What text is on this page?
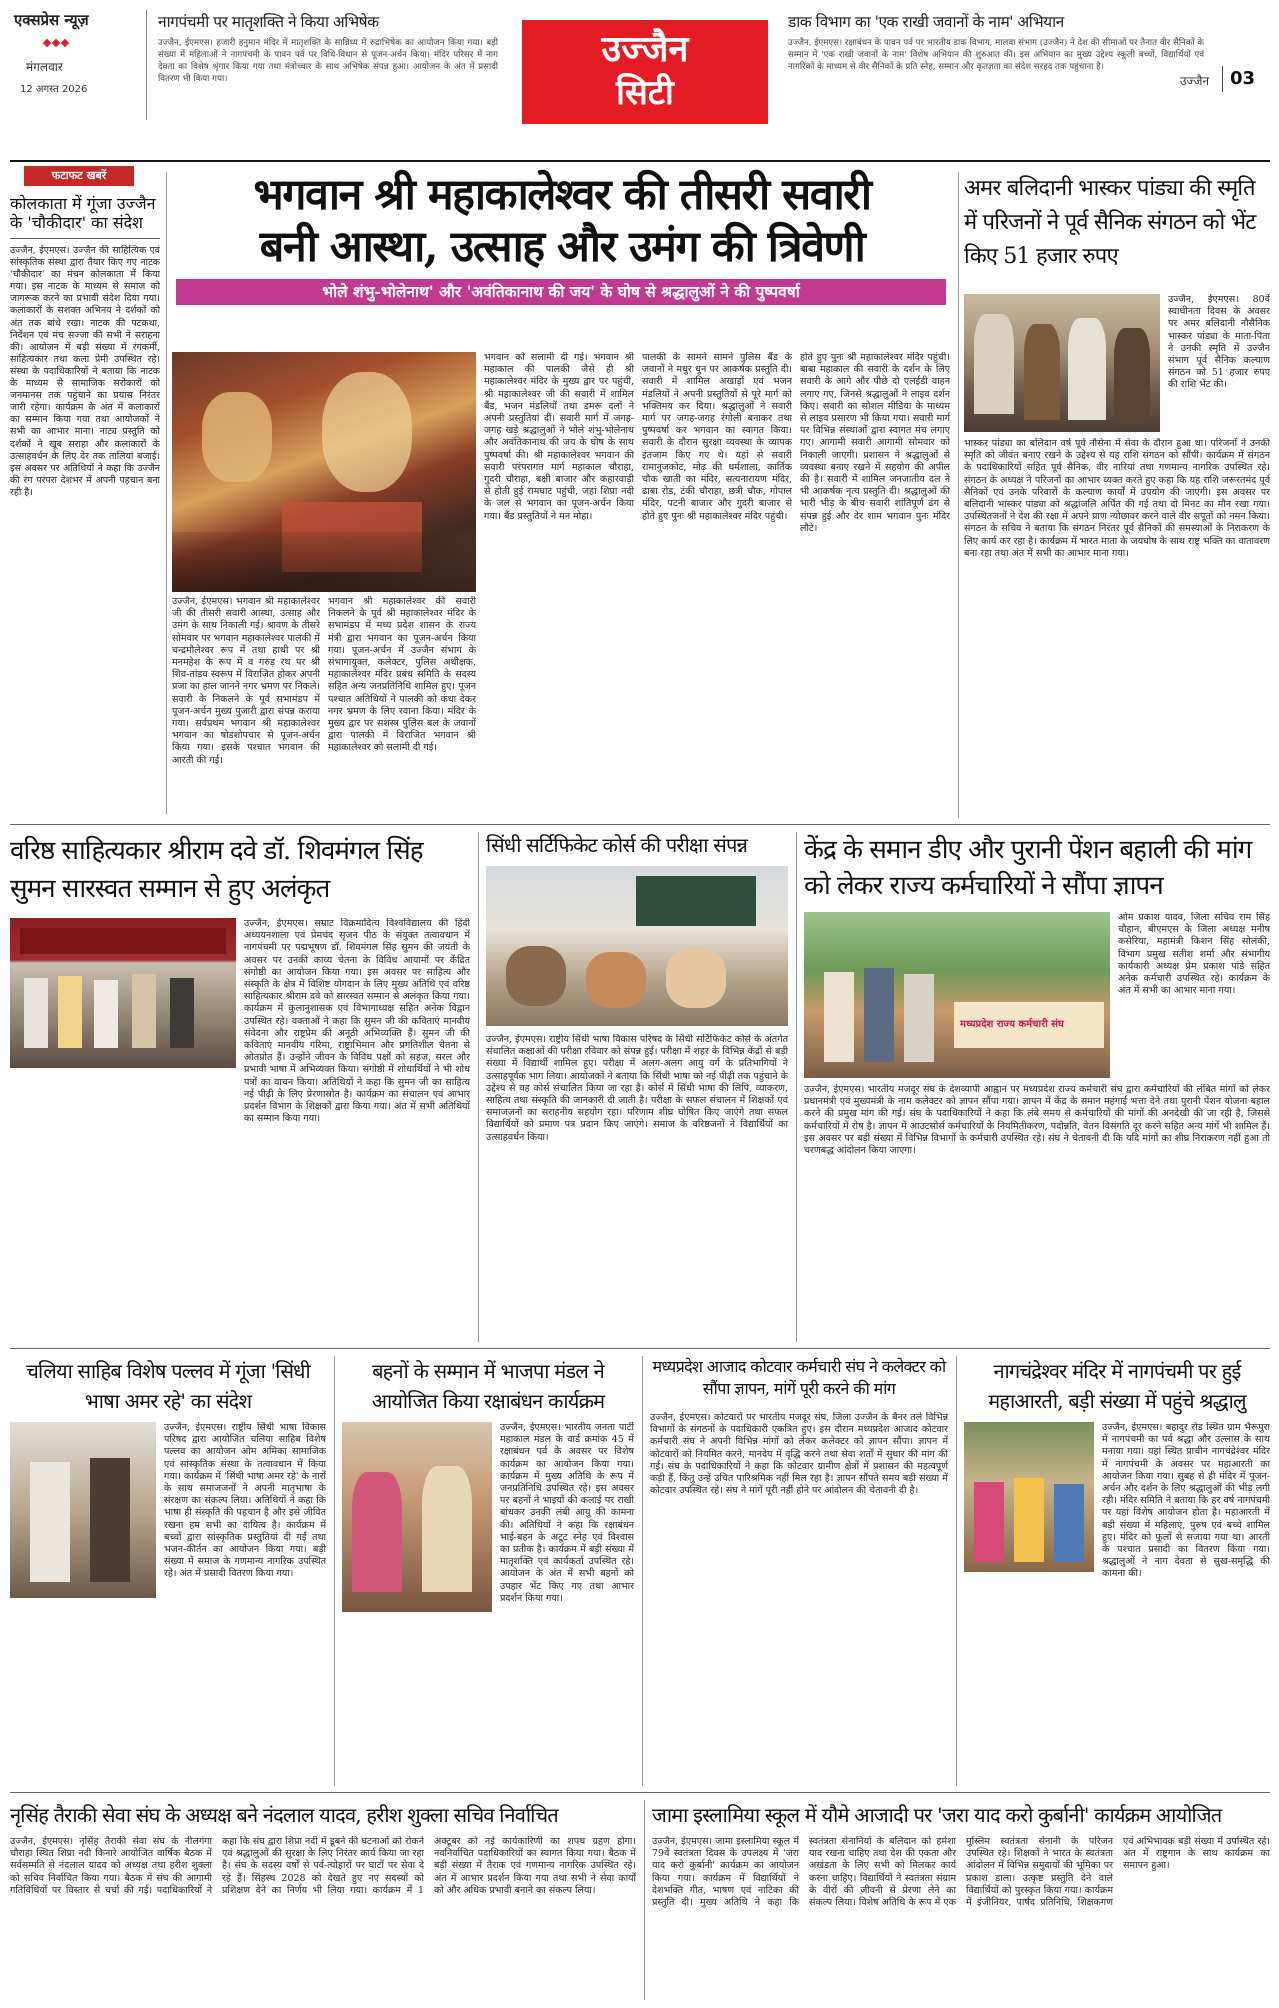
एक्सप्रेस न्यूज़
मंगलवार
12 अगस्त 2026
नागपंचमी पर मातृशक्ति ने किया अभिषेक

उज्जैन, ईएमएस। हजारी हनुमान मंदिर में मातृशक्ति के सान्निध्य में रुद्राभिषेक का आयोजन किया गया। बड़ी संख्या में महिलाओं ने नागपंचमी के पावन पर्व पर विधि-विधान से पूजन-अर्चन किया। मंदिर परिसर में नाग देवता का विशेष श्रृंगार किया गया तथा मंत्रोच्चार के साथ अभिषेक संपन्न हुआ। आयोजन के अंत में प्रसादी वितरण भी किया गया।

उज्जैन
सिटी
डाक विभाग का 'एक राखी जवानों के नाम' अभियान

उज्जैन, ईएमएस। रक्षाबंधन के पावन पर्व पर भारतीय डाक विभाग, मालवा संभाग (उज्जैन) ने देश की सीमाओं पर तैनात वीर सैनिकों के सम्मान में 'एक राखी जवानों के नाम' विशेष अभियान की शुरुआत की। इस अभियान का मुख्य उद्देश्य स्कूली बच्चों, विद्यार्थियों एवं नागरिकों के माध्यम से वीर सैनिकों के प्रति स्नेह, सम्मान और कृतज्ञता का संदेश सरहद तक पहुंचाना है।

उज्जैन 03
फटाफट खबरें
कोलकाता में गूंजा उज्जैन के 'चौकीदार' का संदेश

उज्जैन, ईएमएस। उज्जैन की साहित्यिक एवं सांस्कृतिक संस्था द्वारा तैयार किए गए नाटक 'चौकीदार' का मंचन कोलकाता में किया गया। इस नाटक के माध्यम से समाज को जागरूक करने का प्रभावी संदेश दिया गया। कलाकारों के सशक्त अभिनय ने दर्शकों को अंत तक बांधे रखा। नाटक की पटकथा, निर्देशन एवं मंच सज्जा की सभी ने सराहना की। आयोजन में बड़ी संख्या में रंगकर्मी, साहित्यकार तथा कला प्रेमी उपस्थित रहे। संस्था के पदाधिकारियों ने बताया कि नाटक के माध्यम से सामाजिक सरोकारों को जनमानस तक पहुंचाने का प्रयास निरंतर जारी रहेगा। कार्यक्रम के अंत में कलाकारों का सम्मान किया गया तथा आयोजकों ने सभी का आभार माना। नाट्य प्रस्तुति को दर्शकों ने खूब सराहा और कलाकारों के उत्साहवर्धन के लिए देर तक तालियां बजाई। इस अवसर पर अतिथियों ने कहा कि उज्जैन की रंग परंपरा देशभर में अपनी पहचान बना रही है।

भगवान श्री महाकालेश्वर की तीसरी सवारी
बनी आस्था, उत्साह और उमंग की त्रिवेणी
भोले शंभु-भोलेनाथ' और 'अवंतिकानाथ की जय' के घोष से श्रद्धालुओं ने की पुष्पवर्षा

उज्जैन, ईएमएस। भगवान श्री महाकालेश्वर जी की तीसरी सवारी आस्था, उत्साह और उमंग के साथ निकाली गई। श्रावण के तीसरे सोमवार पर भगवान महाकालेश्वर पालकी में चन्द्रमौलेश्वर रूप में तथा हाथी पर श्री मनमहेश के रूप में व गरुड़ रथ पर श्री शिव-तांडव स्वरूप में विराजित होकर अपनी प्रजा का हाल जानने नगर भ्रमण पर निकले। सवारी के निकलने के पूर्व सभामंडप में पूजन-अर्चन मुख्य पुजारी द्वारा संपन्न कराया गया। सर्वप्रथम भगवान श्री महाकालेश्वर भगवान का षोडशोपचार से पूजन-अर्चन किया गया। इसके पश्चात भगवान की आरती की गई।

भगवान श्री महाकालेश्वर की सवारी निकलने के पूर्व श्री महाकालेश्वर मंदिर के सभामंडप में मध्य प्रदेश शासन के राज्य मंत्री द्वारा भगवान का पूजन-अर्चन किया गया। पूजन-अर्चन में उज्जैन संभाग के संभागायुक्त, कलेक्टर, पुलिस अधीक्षक, महाकालेश्वर मंदिर प्रबंध समिति के सदस्य सहित अन्य जनप्रतिनिधि शामिल हुए। पूजन पश्चात अतिथियों ने पालकी को कंधा देकर नगर भ्रमण के लिए रवाना किया। मंदिर के मुख्य द्वार पर सशस्त्र पुलिस बल के जवानों द्वारा पालकी में विराजित भगवान श्री महाकालेश्वर को सलामी दी गई।

भगवान को सलामी दी गई। भगवान श्री महाकाल की पालकी जैसे ही श्री महाकालेश्वर मंदिर के मुख्य द्वार पर पहुंची, श्री महाकालेश्वर जी की सवारी में शामिल बैंड, भजन मंडलियों तथा डमरू दलों ने अपनी प्रस्तुतियां दीं। सवारी मार्ग में जगह-जगह खड़े श्रद्धालुओं ने भोले शंभु-भोलेनाथ और अवंतिकानाथ की जय के घोष के साथ पुष्पवर्षा की। श्री महाकालेश्वर भगवान की सवारी परंपरागत मार्ग महाकाल चौराहा, गुदरी चौराहा, बक्षी बाजार और कहारवाड़ी से होती हुई रामघाट पहुंची, जहां शिप्रा नदी के जल से भगवान का पूजन-अर्चन किया गया। बैंड प्रस्तुतियों ने मन मोहा।

पालकी के सामने सामने पुलिस बैंड के जवानों ने मधुर धुन पर आकर्षक प्रस्तुति दी। सवारी में शामिल अखाड़ों एवं भजन मंडलियों ने अपनी प्रस्तुतियों से पूरे मार्ग को भक्तिमय कर दिया। श्रद्धालुओं ने सवारी मार्ग पर जगह-जगह रंगोली बनाकर तथा पुष्पवर्षा कर भगवान का स्वागत किया। सवारी के दौरान सुरक्षा व्यवस्था के व्यापक इंतजाम किए गए थे। यहां से सवारी रामानुजकोट, मोढ़ की धर्मशाला, कार्तिक चौक खाती का मंदिर, सत्यनारायण मंदिर, ढाबा रोड, टंकी चौराहा, छत्री चौक, गोपाल मंदिर, पटनी बाजार और गुदरी बाजार से होते हुए पुनः श्री महाकालेश्वर मंदिर पहुंची।

होते हुए पुनः श्री महाकालेश्वर मंदिर पहुंची। बाबा महाकाल की सवारी के दर्शन के लिए सवारी के आगे और पीछे दो एलईडी वाहन लगाए गए, जिनसे श्रद्धालुओं ने लाइव दर्शन किए। सवारी का सोशल मीडिया के माध्यम से लाइव प्रसारण भी किया गया। सवारी मार्ग पर विभिन्न संस्थाओं द्वारा स्वागत मंच लगाए गए। आगामी सवारी आगामी सोमवार को निकाली जाएगी। प्रशासन ने श्रद्धालुओं से व्यवस्था बनाए रखने में सहयोग की अपील की है। सवारी में शामिल जनजातीय दल ने भी आकर्षक नृत्य प्रस्तुति दी। श्रद्धालुओं की भारी भीड़ के बीच सवारी शांतिपूर्ण ढंग से संपन्न हुई और देर शाम भगवान पुनः मंदिर लौटे।

अमर बलिदानी भास्कर पांड्या की स्मृति में परिजनों ने पूर्व सैनिक संगठन को भेंट किए 51 हजार रुपए

उज्जैन, ईएमएस। 80वें स्वाधीनता दिवस के अवसर पर अमर बलिदानी नौसैनिक भास्कर पांड्या के माता-पिता ने उनकी स्मृति में उज्जैन संभाग पूर्व सैनिक कल्याण संगठन को 51 हजार रुपए की राशि भेंट की।

भास्कर पांड्या का बलिदान वर्ष पूर्व नौसेना में सेवा के दौरान हुआ था। परिजनों ने उनकी स्मृति को जीवंत बनाए रखने के उद्देश्य से यह राशि संगठन को सौंपी। कार्यक्रम में संगठन के पदाधिकारियों सहित पूर्व सैनिक, वीर नारियां तथा गणमान्य नागरिक उपस्थित रहे। संगठन के अध्यक्ष ने परिजनों का आभार व्यक्त करते हुए कहा कि यह राशि जरूरतमंद पूर्व सैनिकों एवं उनके परिवारों के कल्याण कार्यों में उपयोग की जाएगी। इस अवसर पर बलिदानी भास्कर पांड्या को श्रद्धांजलि अर्पित की गई तथा दो मिनट का मौन रखा गया। उपस्थितजनों ने देश की रक्षा में अपने प्राण न्योछावर करने वाले वीर सपूतों को नमन किया। संगठन के सचिव ने बताया कि संगठन निरंतर पूर्व सैनिकों की समस्याओं के निराकरण के लिए कार्य कर रहा है। कार्यक्रम में भारत माता के जयघोष के साथ राष्ट्र भक्ति का वातावरण बना रहा तथा अंत में सभी का आभार माना गया।

वरिष्ठ साहित्यकार श्रीराम दवे डॉ. शिवमंगल सिंह सुमन सारस्वत सम्मान से हुए अलंकृत

उज्जैन, ईएमएस। सम्राट विक्रमादित्य विश्वविद्यालय की हिंदी अध्ययनशाला एवं प्रेमचंद सृजन पीठ के संयुक्त तत्वावधान में नागपंचमी पर पद्मभूषण डॉ. शिवमंगल सिंह सुमन की जयंती के अवसर पर उनकी काव्य चेतना के विविध आयामों पर केंद्रित संगोष्ठी का आयोजन किया गया। इस अवसर पर साहित्य और संस्कृति के क्षेत्र में विशिष्ट योगदान के लिए मुख्य अतिथि एवं वरिष्ठ साहित्यकार श्रीराम दवे को सारस्वत सम्मान से अलंकृत किया गया। कार्यक्रम में कुलानुशासक एवं विभागाध्यक्ष सहित अनेक विद्वान उपस्थित रहे। वक्ताओं ने कहा कि सुमन जी की कविताएं मानवीय संवेदना और राष्ट्रप्रेम की अनूठी अभिव्यक्ति हैं। सुमन जी की कविताएं मानवीय गरिमा, राष्ट्राभिमान और प्रगतिशील चेतना से ओतप्रोत हैं। उन्होंने जीवन के विविध पक्षों को सहज, सरल और प्रभावी भाषा में अभिव्यक्त किया। संगोष्ठी में शोधार्थियों ने भी शोध पत्रों का वाचन किया। अतिथियों ने कहा कि सुमन जी का साहित्य नई पीढ़ी के लिए प्रेरणास्रोत है। कार्यक्रम का संचालन एवं आभार प्रदर्शन विभाग के शिक्षकों द्वारा किया गया। अंत में सभी अतिथियों का सम्मान किया गया।

सिंधी सर्टिफिकेट कोर्स की परीक्षा संपन्न

उज्जैन, ईएमएस। राष्ट्रीय सिंधी भाषा विकास परिषद के सिंधी सर्टिफिकेट कोर्स के अंतर्गत संचालित कक्षाओं की परीक्षा रविवार को संपन्न हुई। परीक्षा में शहर के विभिन्न केंद्रों से बड़ी संख्या में विद्यार्थी शामिल हुए। परीक्षा में अलग-अलग आयु वर्ग के प्रतिभागियों ने उत्साहपूर्वक भाग लिया। आयोजकों ने बताया कि सिंधी भाषा को नई पीढ़ी तक पहुंचाने के उद्देश्य से यह कोर्स संचालित किया जा रहा है। कोर्स में सिंधी भाषा की लिपि, व्याकरण, साहित्य तथा संस्कृति की जानकारी दी जाती है। परीक्षा के सफल संचालन में शिक्षकों एवं समाजजनों का सराहनीय सहयोग रहा। परिणाम शीघ्र घोषित किए जाएंगे तथा सफल विद्यार्थियों को प्रमाण पत्र प्रदान किए जाएंगे। समाज के वरिष्ठजनों ने विद्यार्थियों का उत्साहवर्धन किया।

केंद्र के समान डीए और पुरानी पेंशन बहाली की मांग को लेकर राज्य कर्मचारियों ने सौंपा ज्ञापन
मध्यप्रदेश राज्य कर्मचारी संघ

ओम प्रकाश यादव, जिला सचिव राम सिंह चौहान, बीएमएस के जिला अध्यक्ष मनीष कसेरिया, महामंत्री किशन सिंह सोलंकी, विभाग प्रमुख सतीश शर्मा और संभागीय कार्यकारी अध्यक्ष प्रेम प्रकाश पांडे सहित अनेक कर्मचारी उपस्थित रहे। कार्यक्रम के अंत में सभी का आभार माना गया।

उज्जैन, ईएमएस। भारतीय मजदूर संघ के देशव्यापी आह्वान पर मध्यप्रदेश राज्य कर्मचारी संघ द्वारा कर्मचारियों की लंबित मांगों को लेकर प्रधानमंत्री एवं मुख्यमंत्री के नाम कलेक्टर को ज्ञापन सौंपा गया। ज्ञापन में केंद्र के समान महंगाई भत्ता देने तथा पुरानी पेंशन योजना बहाल करने की प्रमुख मांग की गई। संघ के पदाधिकारियों ने कहा कि लंबे समय से कर्मचारियों की मांगों की अनदेखी की जा रही है, जिससे कर्मचारियों में रोष है। ज्ञापन में आउटसोर्स कर्मचारियों के नियमितीकरण, पदोन्नति, वेतन विसंगति दूर करने सहित अन्य मांगें भी शामिल हैं। इस अवसर पर बड़ी संख्या में विभिन्न विभागों के कर्मचारी उपस्थित रहे। संघ ने चेतावनी दी कि यदि मांगों का शीघ्र निराकरण नहीं हुआ तो चरणबद्ध आंदोलन किया जाएगा।

चलिया साहिब विशेष पल्लव में गूंजा 'सिंधी भाषा अमर रहे' का संदेश

उज्जैन, ईएमएस। राष्ट्रीय सिंधी भाषा विकास परिषद द्वारा आयोजित चलिया साहिब विशेष पल्लव का आयोजन ओम अमिका सामाजिक एवं सांस्कृतिक संस्था के तत्वावधान में किया गया। कार्यक्रम में 'सिंधी भाषा अमर रहे' के नारों के साथ समाजजनों ने अपनी मातृभाषा के संरक्षण का संकल्प लिया। अतिथियों ने कहा कि भाषा ही संस्कृति की पहचान है और इसे जीवित रखना हम सभी का दायित्व है। कार्यक्रम में बच्चों द्वारा सांस्कृतिक प्रस्तुतियां दी गईं तथा भजन-कीर्तन का आयोजन किया गया। बड़ी संख्या में समाज के गणमान्य नागरिक उपस्थित रहे। अंत में प्रसादी वितरण किया गया।

बहनों के सम्मान में भाजपा मंडल ने आयोजित किया रक्षाबंधन कार्यक्रम

उज्जैन, ईएमएस। भारतीय जनता पार्टी महाकाल मंडल के वार्ड क्रमांक 45 में रक्षाबंधन पर्व के अवसर पर विशेष कार्यक्रम का आयोजन किया गया। कार्यक्रम में मुख्य अतिथि के रूप में जनप्रतिनिधि उपस्थित रहे। इस अवसर पर बहनों ने भाइयों की कलाई पर राखी बांधकर उनकी लंबी आयु की कामना की। अतिथियों ने कहा कि रक्षाबंधन भाई-बहन के अटूट स्नेह एवं विश्वास का प्रतीक है। कार्यक्रम में बड़ी संख्या में मातृशक्ति एवं कार्यकर्ता उपस्थित रहे। आयोजन के अंत में सभी बहनों को उपहार भेंट किए गए तथा आभार प्रदर्शन किया गया।

मध्यप्रदेश आजाद कोटवार कर्मचारी संघ ने कलेक्टर को सौंपा ज्ञापन, मांगें पूरी करने की मांग

उज्जैन, ईएमएस। कोटवारों पर भारतीय मजदूर संघ, जिला उज्जैन के बैनर तले विभिन्न विभागों के संगठनों के पदाधिकारी एकत्रित हुए। इस दौरान मध्यप्रदेश आजाद कोटवार कर्मचारी संघ ने अपनी विभिन्न मांगों को लेकर कलेक्टर को ज्ञापन सौंपा। ज्ञापन में कोटवारों को नियमित करने, मानदेय में वृद्धि करने तथा सेवा शर्तों में सुधार की मांग की गई। संघ के पदाधिकारियों ने कहा कि कोटवार ग्रामीण क्षेत्रों में प्रशासन की महत्वपूर्ण कड़ी हैं, किंतु उन्हें उचित पारिश्रमिक नहीं मिल रहा है। ज्ञापन सौंपते समय बड़ी संख्या में कोटवार उपस्थित रहे। संघ ने मांगें पूरी नहीं होने पर आंदोलन की चेतावनी दी है।

नागचंद्रेश्वर मंदिर में नागपंचमी पर हुई महाआरती, बड़ी संख्या में पहुंचे श्रद्धालु

उज्जैन, ईएमएस। बहादुर रोड स्थित ग्राम भैरूपुरा में नागपंचमी का पर्व श्रद्धा और उल्लास के साथ मनाया गया। यहां स्थित प्राचीन नागचंद्रेश्वर मंदिर में नागपंचमी के अवसर पर महाआरती का आयोजन किया गया। सुबह से ही मंदिर में पूजन-अर्चन और दर्शन के लिए श्रद्धालुओं की भीड़ लगी रही। मंदिर समिति ने बताया कि हर वर्ष नागपंचमी पर यहां विशेष आयोजन होता है। महाआरती में बड़ी संख्या में महिलाएं, पुरुष एवं बच्चे शामिल हुए। मंदिर को फूलों से सजाया गया था। आरती के पश्चात प्रसादी का वितरण किया गया। श्रद्धालुओं ने नाग देवता से सुख-समृद्धि की कामना की।

नृसिंह तैराकी सेवा संघ के अध्यक्ष बने नंदलाल यादव, हरीश शुक्ला सचिव निर्वाचित

उज्जैन, ईएमएस। नृसिंह तैराकी सेवा संघ के नीलगंगा चौराहा स्थित शिप्रा नदी किनारे आयोजित वार्षिक बैठक में सर्वसम्मति से नंदलाल यादव को अध्यक्ष तथा हरीश शुक्ला को सचिव निर्वाचित किया गया। बैठक में संघ की आगामी गतिविधियों पर विस्तार से चर्चा की गई। पदाधिकारियों ने कहा कि संघ द्वारा शिप्रा नदी में डूबने की घटनाओं को रोकने एवं श्रद्धालुओं की सुरक्षा के लिए निरंतर कार्य किया जा रहा है। संघ के सदस्य वर्षों से पर्व-त्योहारों पर घाटों पर सेवा दे रहे हैं। सिंहस्थ 2028 को देखते हुए नए सदस्यों को प्रशिक्षण देने का निर्णय भी लिया गया। कार्यक्रम में 1 अक्टूबर को नई कार्यकारिणी का शपथ ग्रहण होगा। नवनिर्वाचित पदाधिकारियों का स्वागत किया गया। बैठक में बड़ी संख्या में तैराक एवं गणमान्य नागरिक उपस्थित रहे। अंत में आभार प्रदर्शन किया गया तथा सभी ने सेवा कार्यों को और अधिक प्रभावी बनाने का संकल्प लिया।

जामा इस्लामिया स्कूल में यौमे आजादी पर 'जरा याद करो कुर्बानी' कार्यक्रम आयोजित

उज्जैन, ईएमएस। जामा इस्लामिया स्कूल में 79वें स्वतंत्रता दिवस के उपलक्ष्य में 'जरा याद करो कुर्बानी' कार्यक्रम का आयोजन किया गया। कार्यक्रम में विद्यार्थियों ने देशभक्ति गीत, भाषण एवं नाटिका की प्रस्तुति दी। मुख्य अतिथि ने कहा कि स्वतंत्रता सेनानियों के बलिदान को हमेशा याद रखना चाहिए तथा देश की एकता और अखंडता के लिए सभी को मिलकर कार्य करना चाहिए। विद्यार्थियों ने स्वतंत्रता संग्राम के वीरों की जीवनी से प्रेरणा लेने का संकल्प लिया। विशेष अतिथि के रूप में एक मुस्लिम स्वतंत्रता सेनानी के परिजन उपस्थित रहे। शिक्षकों ने भारत के स्वतंत्रता आंदोलन में विभिन्न समुदायों की भूमिका पर प्रकाश डाला। उत्कृष्ट प्रस्तुति देने वाले विद्यार्थियों को पुरस्कृत किया गया। कार्यक्रम में इंजीनियर, पार्षद प्रतिनिधि, शिक्षकगण एवं अभिभावक बड़ी संख्या में उपस्थित रहे। अंत में राष्ट्रगान के साथ कार्यक्रम का समापन हुआ।
